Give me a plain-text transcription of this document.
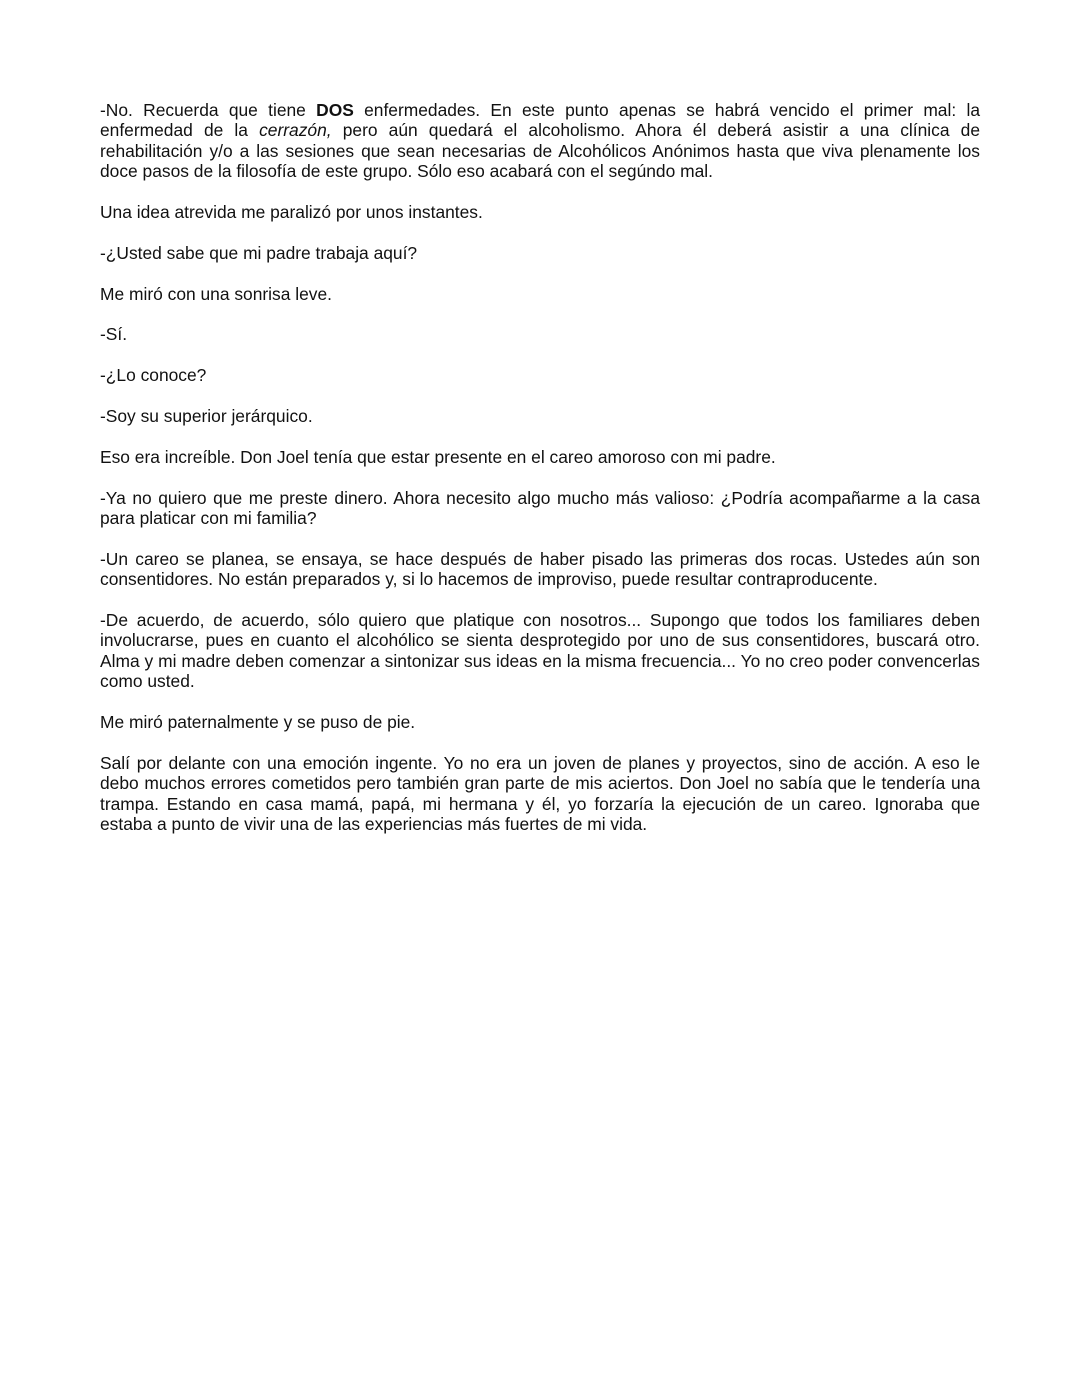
-No. Recuerda que tiene DOS enfermedades. En este punto apenas se habrá vencido el primer mal: la enfermedad de la cerrazón, pero aún quedará el alcoholismo. Ahora él deberá asistir a una clínica de rehabilitación y/o a las sesiones que sean necesarias de Alcohólicos Anónimos hasta que viva plenamente los doce pasos de la filosofía de este grupo. Sólo eso acabará con el segúndo mal.

Una idea atrevida me paralizó por unos instantes.

-¿Usted sabe que mi padre trabaja aquí?

Me miró con una sonrisa leve.

-Sí.

-¿Lo conoce?

-Soy su superior jerárquico.

Eso era increíble. Don Joel tenía que estar presente en el careo amoroso con mi padre.

-Ya no quiero que me preste dinero. Ahora necesito algo mucho más valioso: ¿Podría acompañarme a la casa para platicar con mi familia?

-Un careo se planea, se ensaya, se hace después de haber pisado las primeras dos rocas. Ustedes aún son consentidores. No están preparados y, si lo hacemos de improviso, puede resultar contraproducente.

-De acuerdo, de acuerdo, sólo quiero que platique con nosotros... Supongo que todos los familiares deben involucrarse, pues en cuanto el alcohólico se sienta desprotegido por uno de sus consentidores, buscará otro. Alma y mi madre deben comenzar a sintonizar sus ideas en la misma frecuencia... Yo no creo poder convencerlas como usted.

Me miró paternalmente y se puso de pie.

Salí por delante con una emoción ingente. Yo no era un joven de planes y proyectos, sino de acción. A eso le debo muchos errores cometidos pero también gran parte de mis aciertos. Don Joel no sabía que le tendería una trampa. Estando en casa mamá, papá, mi hermana y él, yo forzaría la ejecución de un careo. Ignoraba que estaba a punto de vivir una de las experiencias más fuertes de mi vida.
